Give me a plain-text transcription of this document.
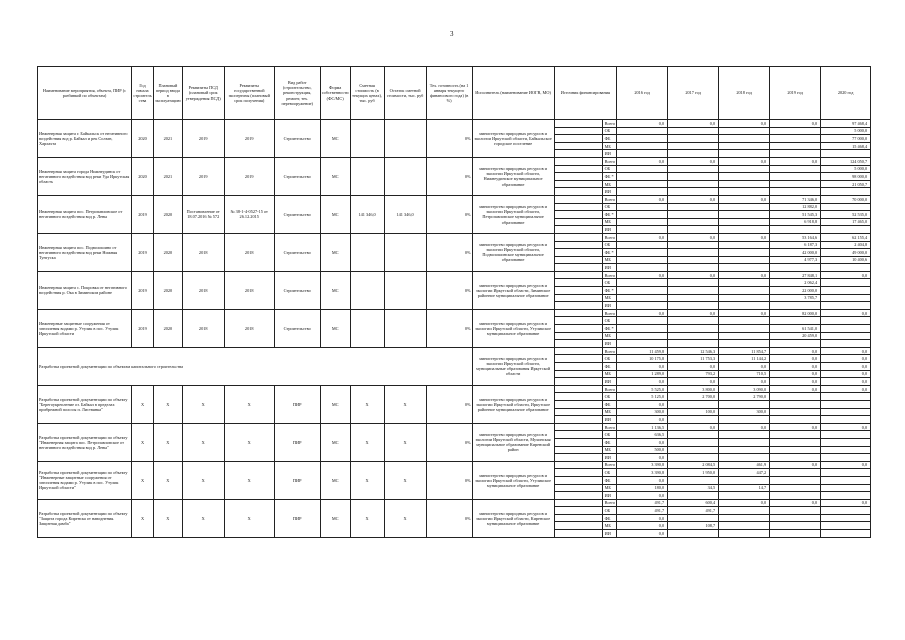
3
Наименование мероприятия, объекта, ПИР (с разбивкой по объектам)	Год начала строитель ства	Плановый период ввода в эксплуатацию	Реквизиты ПСД (плановый срок утверждения ПСД)	Реквизиты государственной экспертизы (плановый срок получения)	Вид работ (строительство, реконструкция, ремонт, тех. перевооружение)	Форма собственности (ФС/МС)	Сметная стоимость (в текущих ценах), тыс. руб	Остаток сметной стоимости, тыс. руб	Тех. готовность (на 1 января текущего финансового года) (в %)	Исполнитель (наименование ИОГВ, МО)	Источник финансирования		2016 год	2017 год	2018 год	2019 год	2020 год
Инженерная защита г. Байкальск от негативного воздействия вод р. Байкал и рек Солзан, Харлахта	2020	2021	2019	2019	Строительство	МС			0%	министерство природных ресурсов и экологии Иркутской области, Байкальское городское поселение		Всего	0,0	0,0	0,0	0,0	97 468,4
												ОБ					5 000,0
												ФБ					77 000,0
												МБ					15 468,4
												ИИ					
Инженерная защита города Нижнеудинск от негативного воздействия вод реки Уда Иркутская область	2020	2021	2019	2019	Строительство	МС			0%	министерство природных ресурсов и экологии Иркутской области, Нижнеудинское муниципальное образование		Всего	0,0	0,0	0,0	0,0	124 050,7
												ОБ					5 000,0
												ФБ *					98 000,0
												МБ					21 050,7
												ИИ					
Инженерная защита пос. Петропавловское от негативного воздействия вод р. Лены	2019	2020	Постановление от 18.07.2016 № 572	№ 38-1-4-0527-15 от 26.12.2015	Строительство	МС	141 346,0	141 346,0	0%	министерство природных ресурсов и экологии Иркутской области, Петропавловское муниципальное образование		Всего	0,0	0,0	0,0	71 346,0	70 000,0
												ОБ				12 882,0	
												ФБ *				51 545,3	52 535,0
												МБ				6 918,8	17 465,0
												ИИ					
Инженерная защита пос. Подволошино от негативного воздействия вод реки Нижняя Тунгуска	2019	2020	2018	2018	Строительство	МС			0%	министерство природных ресурсов и экологии Иркутской области, Подволошинское муниципальное образование		Всего	0,0	0,0	0,0	53 164,6	62 155,4
												ОБ				6 187,3	2 404,8
												ФБ *				42 000,0	49 000,0
												МБ				4 977,3	10 400,6
												ИИ					
Инженерная защита с. Покровка от негативного воздействия р. Ока в Зиминском районе	2019	2020	2018	2018	Строительство	МС			0%	министерство природных ресурсов и экологии Иркутской области, Зиминское районное муниципальное образование		Всего	0,0	0,0	0,0	27 848,1	0,0
												ОБ				2 062,4	
												ФБ *				22 000,0	
												МБ				3 785,7	
												ИИ					
Инженерные защитные сооружения от затопления водами р. Утулик в пос. Утулик Иркутской области	2019	2020	2018	2018	Строительство	МС			0%	министерство природных ресурсов и экологии Иркутской области, Утуликское муниципальное образование		Всего	0,0	0,0	0,0	82 000,0	0,0
												ОБ					
												ФБ *				61 541,0	
												МБ				20 459,0	
												ИИ					
Разработка проектной документации по объектам капитального строительства										министерство природных ресурсов и экологии Иркутской области, муниципальные образования Иркутской области		Всего	11 459,8	12 546,3	11 854,7	0,0	0,0
												ОБ	10 175,8	11 753,3	11 144,2	0,0	0,0
												ФБ	0,0	0,0	0,0	0,0	0,0
												МБ	1 289,0	793,2	710,5	0,0	0,0
												ИИ	0,0	0,0	0,0	0,0	0,0
Разработка проектной документации по объекту "Берегоукрепление оз. Байкал в пределах прибрежной полосы п. Листвянка"	Х	Х	Х	Х	ПИР	МС	Х	Х	0%	министерство природных ресурсов и экологии Иркутской области, Иркутское районное муниципальное образование		Всего	5 525,0	3 800,0	3 090,0	0,0	0,0
												ОБ	5 125,0	2 700,0	2 790,0		
												ФБ	0,0				
												МБ	300,0	100,0	300,0		
												ИИ	0,0				
Разработка проектной документации по объекту "Инженерная защита пос. Петропавловское от негативного воздействия вод р. Лены"	Х	Х	Х	Х	ПИР	МС	Х	Х	0%	министерство природных ресурсов и экологии Иркутской области, Мухинская муниципальное образование Киренский район		Всего	1 136,5	0,0	0,0	0,0	0,0
												ОБ	636,5				
												ФБ	0,0				
												МБ	500,0				
												ИИ	0,0				
Разработка проектной документации по объекту "Инженерные защитные сооружения от затопления водами р. Утулик в пос. Утулик Иркутской области"	Х	Х	Х	Х	ПИР	МС	Х	Х	0%	министерство природных ресурсов и экологии Иркутской области, Утуликское муниципальное образование		Всего	3 390,8	2 084,5	461,9	0,0	0,0
												ОБ	3 390,8	1 950,0	447,2		
												ФБ	0,0				
												МБ	180,0	34,5	14,7		
												ИИ	0,0				
Разработка проектной документации по объекту "Защита города Киренска от наводнения. Защитная дамба"	Х	Х	Х	Х	ПИР	МС	Х	Х	0%	министерство природных ресурсов и экологии Иркутской области, Киренское муниципальное образование		Всего	491,7	600,4	0,0	0,0	0,0
												ОБ	491,7	491,7			
												ФБ	0,0				
												МБ	0,0	108,7			
												ИИ	0,0				
